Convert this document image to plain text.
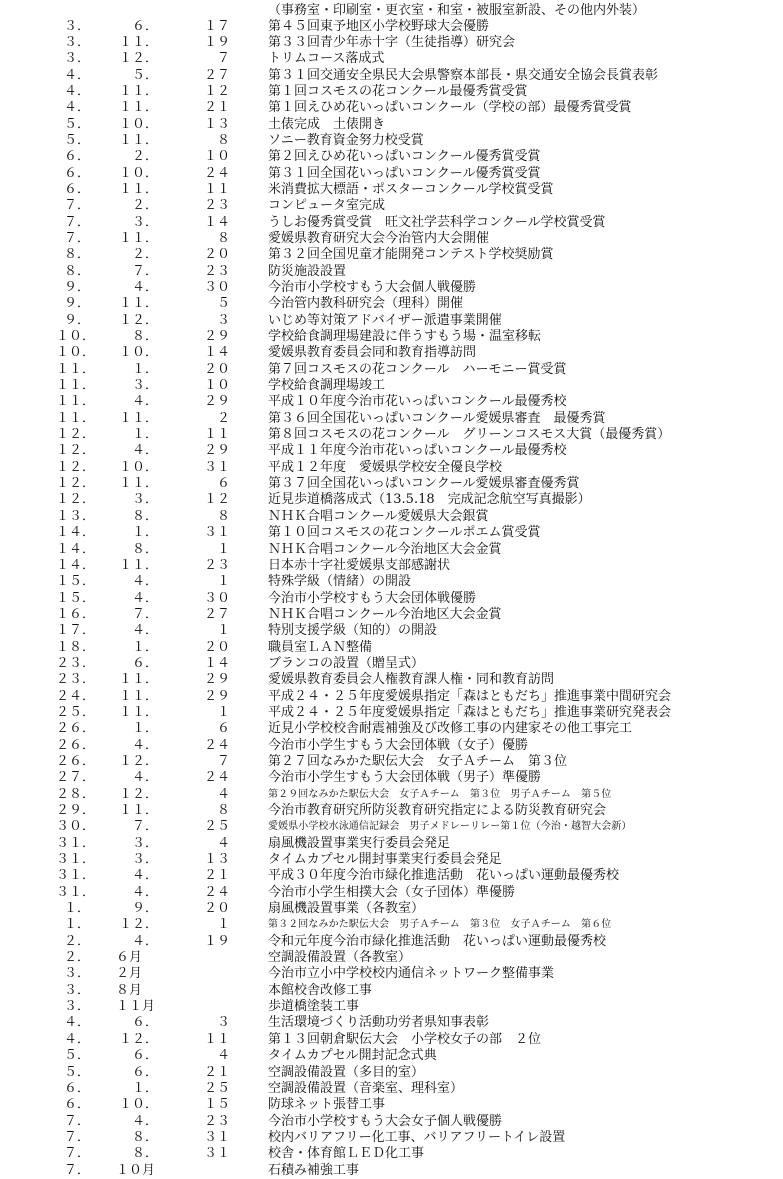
（事務室・印刷室・更衣室・和室・被服室新設、その他内外装）
３．	６．	１７	第４５回東予地区小学校野球大会優勝
３．	１１．	１９	第３３回青少年赤十字（生徒指導）研究会
３．	１２．	７	トリムコース落成式
４．	５．	２７	第３１回交通安全県民大会県警察本部長・県交通安全協会長賞表彰
４．	１１．	１２	第１回コスモスの花コンクール最優秀賞受賞
４．	１１．	２１	第１回えひめ花いっぱいコンクール（学校の部）最優秀賞受賞
５．	１０．	１３	土俵完成　土俵開き
５．	１１．	８	ソニー教育資金努力校受賞
６．	２．	１０	第２回えひめ花いっぱいコンクール優秀賞受賞
６．	１０．	２４	第３１回全国花いっぱいコンクール優秀賞受賞
６．	１１．	１１	米消費拡大標語・ポスターコンクール学校賞受賞
７．	２．	２３	コンピュータ室完成
７．	３．	１４	うしお優秀賞受賞　旺文社学芸科学コンクール学校賞受賞
７．	１１．	８	愛媛県教育研究大会今治管内大会開催
８．	２．	２０	第３２回全国児童才能開発コンテスト学校奨励賞
８．	７．	２３	防災施設設置
９．	４．	３０	今治市小学校すもう大会個人戦優勝
９．	１１．	５	今治管内教科研究会（理科）開催
９．	１２．	３	いじめ等対策アドバイザー派遣事業開催
１０．	８．	２９	学校給食調理場建設に伴うすもう場・温室移転
１０．	１０．	１４	愛媛県教育委員会同和教育指導訪問
１１．	１．	２０	第７回コスモスの花コンクール　ハーモニー賞受賞
１１．	３．	１０	学校給食調理場竣工
１１．	４．	２９	平成１０年度今治市花いっぱいコンクール最優秀校
１１．	１１．	２	第３６回全国花いっぱいコンクール愛媛県審査　最優秀賞
１２．	１．	１１	第８回コスモスの花コンクール　グリーンコスモス大賞（最優秀賞）
１２．	４．	２９	平成１１年度今治市花いっぱいコンクール最優秀校
１２．	１０．	３１	平成１２年度　愛媛県学校安全優良学校
１２．	１１．	６	第３７回全国花いっぱいコンクール愛媛県審査優秀賞
１２．	３．	１２	近見歩道橋落成式（13.5.18　完成記念航空写真撮影）
１３．	８．	８	ＮＨＫ合唱コンクール愛媛県大会銀賞
１４．	１．	３１	第１０回コスモスの花コンクールポエム賞受賞
１４．	８．	１	ＮＨＫ合唱コンクール今治地区大会金賞
１４．	１１．	２３	日本赤十字社愛媛県支部感謝状
１５．	４．	１	特殊学級（情緒）の開設
１５．	４．	３０	今治市小学校すもう大会団体戦優勝
１６．	７．	２７	ＮＨＫ合唱コンクール今治地区大会金賞
１７．	４．	１	特別支援学級（知的）の開設
１８．	１．	２０	職員室ＬＡＮ整備
２３．	６．	１４	ブランコの設置（贈呈式）
２３．	１１．	２９	愛媛県教育委員会人権教育課人権・同和教育訪問
２４．	１１．	２９	平成２４・２５年度愛媛県指定「森はともだち」推進事業中間研究会
２５．	１１．	１	平成２４・２５年度愛媛県指定「森はともだち」推進事業研究発表会
２６．	１．	６	近見小学校校舎耐震補強及び改修工事の内建家その他工事完工
２６．	４．	２４	今治市小学生すもう大会団体戦（女子）優勝
２６．	１２．	７	第２７回なみかた駅伝大会　女子Ａチーム　第３位
２７．	４．	２４	今治市小学生すもう大会団体戦（男子）準優勝
２８．	１２．	４	第２９回なみかた駅伝大会　女子Ａチーム　第３位　男子Ａチーム　第５位
２９．	１１．	８	今治市教育研究所防災教育研究指定による防災教育研究会
３０．	７．	２５	愛媛県小学校水泳通信記録会　男子メドレーリレー第１位（今治・越智大会新）
３１．	３．	４	扇風機設置事業実行委員会発足
３１．	３．	１３	タイムカプセル開封事業実行委員会発足
３１．	４．	２１	平成３０年度今治市緑化推進活動　花いっぱい運動最優秀校
３１．	４．	２４	今治市小学生相撲大会（女子団体）準優勝
１．	９．	２０	扇風機設置事業（各教室）
１．	１２．	１	第３２回なみかた駅伝大会　男子Ａチーム　第３位　女子Ａチーム　第６位
２．	４．	１９	令和元年度今治市緑化推進活動　花いっぱい運動最優秀校
２． ６月	空調設備設置（各教室）
３． ２月	今治市立小中学校校内通信ネットワーク整備事業
３． ８月	本館校舎改修工事
３． １１月	歩道橋塗装工事
４．	６．	３	生活環境づくり活動功労者県知事表彰
４．	１２．	１１	第１３回朝倉駅伝大会　小学校女子の部　２位
５．	６．	４	タイムカプセル開封記念式典
５．	６．	２１	空調設備設置（多目的室）
６．	１．	２５	空調設備設置（音楽室、理科室）
６．	１０．	１５	防球ネット張替工事
７．	４．	２３	今治市小学校すもう大会女子個人戦優勝
７．	８．	３１	校内バリアフリー化工事、バリアフリートイレ設置
７．	８．	３１	校舎・体育館ＬＥＤ化工事
７． １０月	石積み補強工事
